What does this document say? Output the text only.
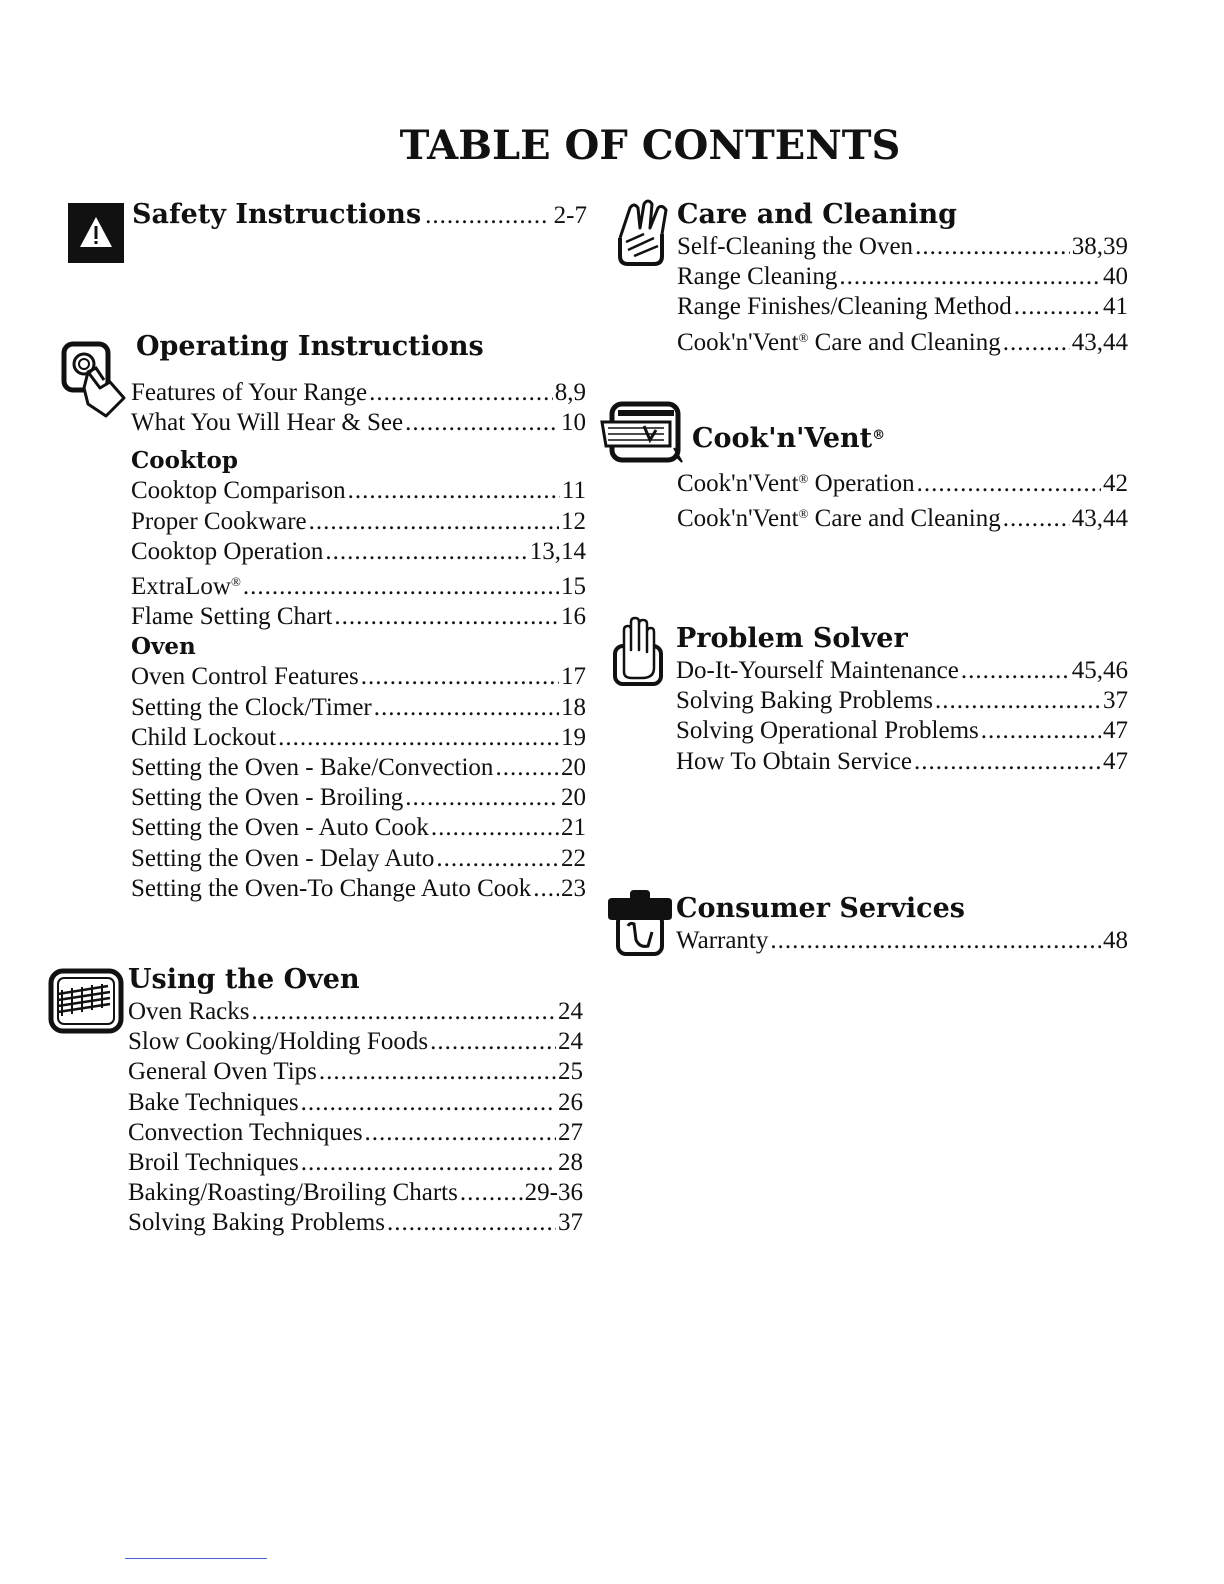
TABLE OF CONTENTS
Safety Instructions .....	2-7
Operating Instructions
Features of Your Range .....	8,9
What You Will Hear & See .....	10
Cooktop
Cooktop Comparison .....	11
Proper Cookware .....	12
Cooktop Operation .....	13,14
ExtraLow® .....	15
Flame Setting Chart .....	16
Oven
Oven Control Features .....	17
Setting the Clock/Timer .....	18
Child Lockout .....	19
Setting the Oven - Bake/Convection .....	20
Setting the Oven - Broiling .....	20
Setting the Oven - Auto Cook .....	21
Setting the Oven - Delay Auto .....	22
Setting the Oven-To Change Auto Cook ..... 23
Using the Oven
Oven Racks .....	24
Slow Cooking/Holding Foods .....	24
General Oven Tips .....	25
Bake Techniques .....	26
Convection Techniques .....	27
Broil Techniques .....	28
Baking/Roasting/Broiling Charts .....	29-36
Solving Baking Problems .....	37
Care and Cleaning
Self-Cleaning the Oven .....	38,39
Range Cleaning .....	40
Range Finishes/Cleaning Method .....	41
Cook'n'Vent® Care and Cleaning .....	43,44
Cook'n'Vent®
Cook'n'Vent® Operation .....	42
Cook'n'Vent® Care and Cleaning .....	43,44
Problem Solver
Do-It-Yourself Maintenance .....	45,46
Solving Baking Problems .....	37
Solving Operational Problems .....	47
How To Obtain Service .....	47
Consumer Services
Warranty .....	48
